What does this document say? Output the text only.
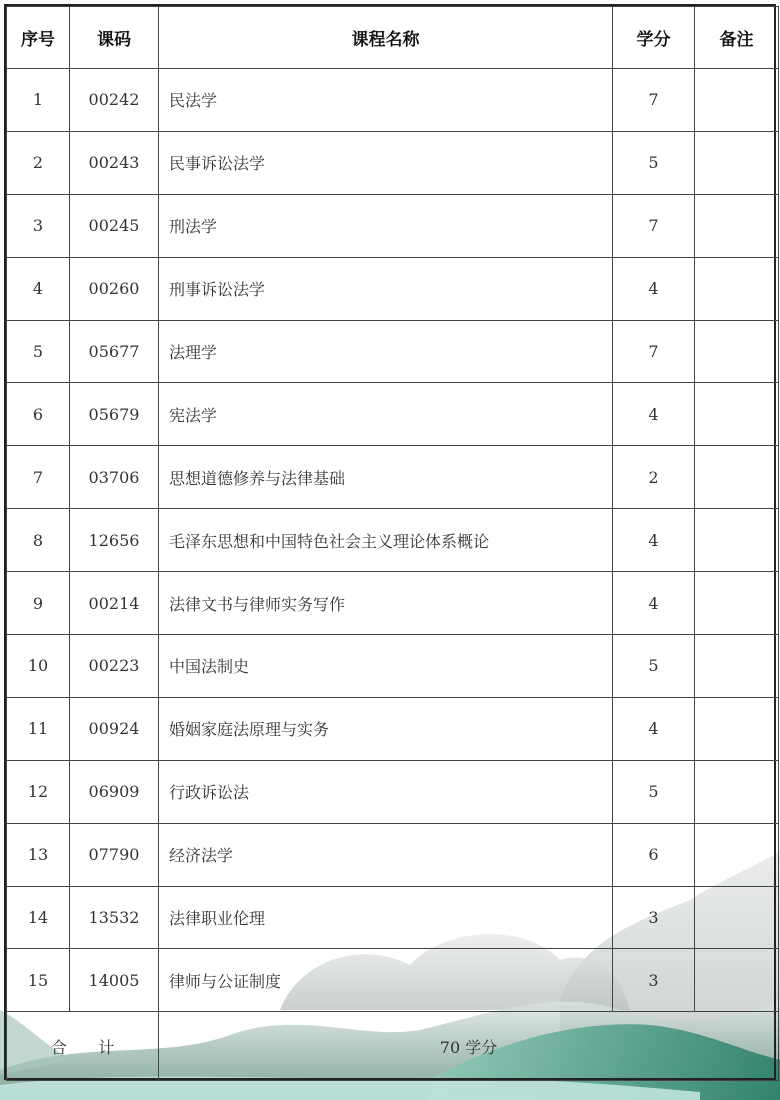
序号	课码	课程名称	学分	备注
1	00242	民法学	7	
2	00243	民事诉讼法学	5	
3	00245	刑法学	7	
4	00260	刑事诉讼法学	4	
5	05677	法理学	7	
6	05679	宪法学	4	
7	03706	思想道德修养与法律基础	2	
8	12656	毛泽东思想和中国特色社会主义理论体系概论	4	
9	00214	法律文书与律师实务写作	4	
10	00223	中国法制史	5	
11	00924	婚姻家庭法原理与实务	4	
12	06909	行政诉讼法	5	
13	07790	经济法学	6	
14	13532	法律职业伦理	3	
15	14005	律师与公证制度	3	

合 计		70 学分		
